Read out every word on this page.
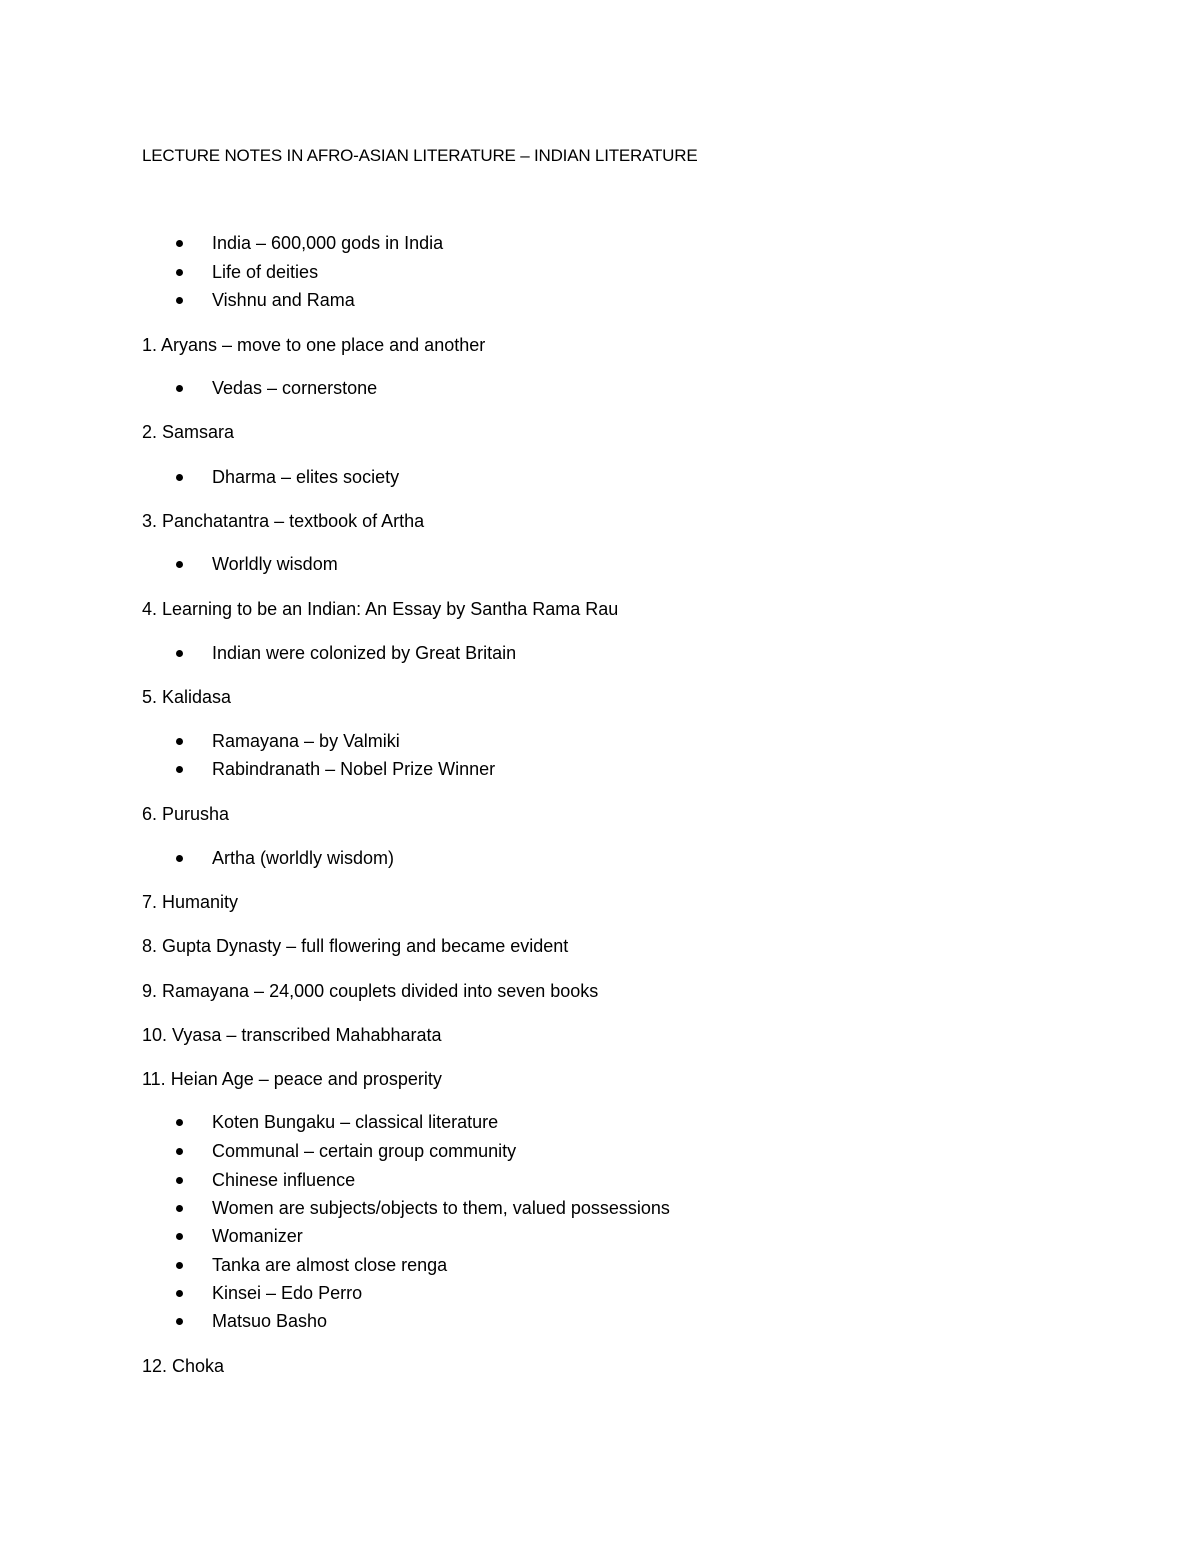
LECTURE NOTES IN AFRO-ASIAN LITERATURE – INDIAN LITERATURE
India – 600,000 gods in India
Life of deities
Vishnu and Rama
1. Aryans – move to one place and another
Vedas – cornerstone
2. Samsara
Dharma – elites society
3. Panchatantra – textbook of Artha
Worldly wisdom
4. Learning to be an Indian: An Essay by Santha Rama Rau
Indian were colonized by Great Britain
5. Kalidasa
Ramayana – by Valmiki
Rabindranath – Nobel Prize Winner
6. Purusha
Artha (worldly wisdom)
7. Humanity
8. Gupta Dynasty – full flowering and became evident
9. Ramayana – 24,000 couplets divided into seven books
10. Vyasa – transcribed Mahabharata
11. Heian Age – peace and prosperity
Koten Bungaku – classical literature
Communal – certain group community
Chinese influence
Women are subjects/objects to them, valued possessions
Womanizer
Tanka are almost close renga
Kinsei – Edo Perro
Matsuo Basho
12. Choka
